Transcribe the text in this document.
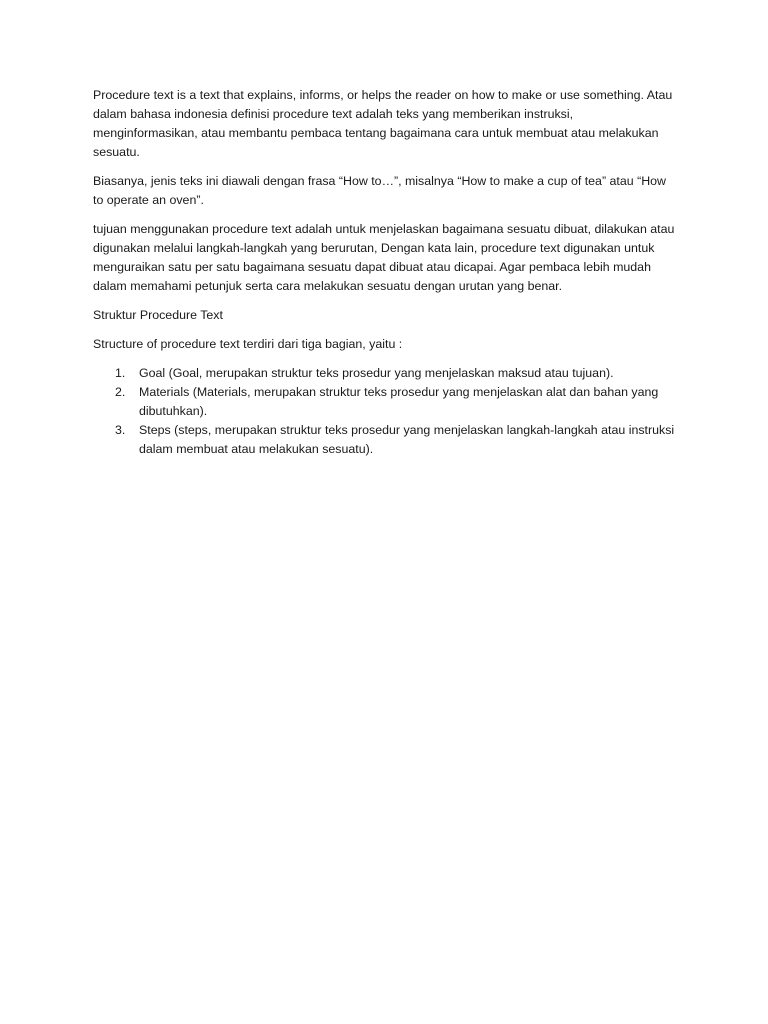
Procedure text is a text that explains, informs, or helps the reader on how to make or use something. Atau dalam bahasa indonesia definisi procedure text adalah teks yang memberikan instruksi, menginformasikan, atau membantu pembaca tentang bagaimana cara untuk membuat atau melakukan sesuatu.

Biasanya, jenis teks ini diawali dengan frasa “How to…”, misalnya “How to make a cup of tea” atau “How to operate an oven”.

tujuan menggunakan procedure text adalah untuk menjelaskan bagaimana sesuatu dibuat, dilakukan atau digunakan melalui langkah-langkah yang berurutan, Dengan kata lain, procedure text digunakan untuk menguraikan satu per satu bagaimana sesuatu dapat dibuat atau dicapai. Agar pembaca lebih mudah dalam memahami petunjuk serta cara melakukan sesuatu dengan urutan yang benar.

Struktur Procedure Text

Structure of procedure text terdiri dari tiga bagian, yaitu :

1. Goal (Goal, merupakan struktur teks prosedur yang menjelaskan maksud atau tujuan).
2. Materials (Materials, merupakan struktur teks prosedur yang menjelaskan alat dan bahan yang dibutuhkan).
3. Steps (steps, merupakan struktur teks prosedur yang menjelaskan langkah-langkah atau instruksi dalam membuat atau melakukan sesuatu).
